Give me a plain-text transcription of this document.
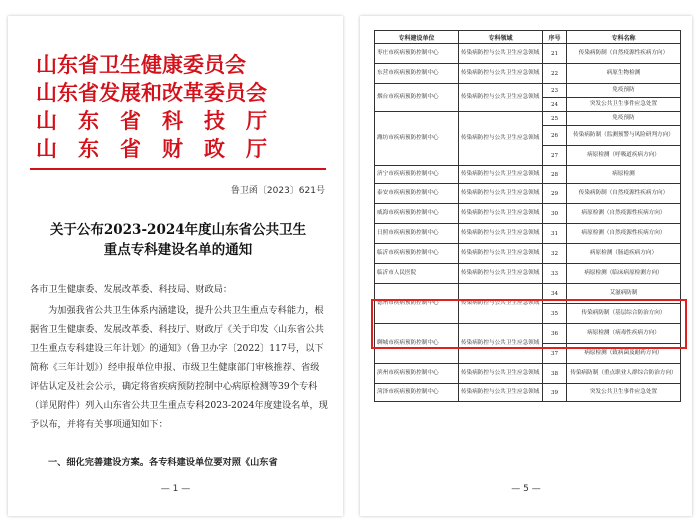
山东省卫生健康委员会
山东省发展和改革委员会
山　东　省　科　技　厅
山　东　省　财　政　厅
鲁卫函〔2023〕621号
关于公布2023-2024年度山东省公共卫生
重点专科建设名单的通知
各市卫生健康委、发展改革委、科技局、财政局：
为加强我省公共卫生体系内涵建设，提升公共卫生重点专科能力，根据省卫生健康委、发展改革委、科技厅、财政厅《关于印发〈山东省公共卫生重点专科建设三年计划〉的通知》（鲁卫办字〔2022〕117号，以下简称《三年计划》）经申报单位申报、市级卫生健康部门审核推荐、省级评估认定及社会公示，确定将省疾病预防控制中心病原检测等39个专科（详见附件）列入山东省公共卫生重点专科2023-2024年度建设名单，现予以布，并将有关事项通知如下：
一、细化完善建设方案。各专科建设单位要对照《山东省
— 1 —
专科建设单位	专科领域	序号	专科名称
枣庄市疾病预防控制中心	传染病防控与公共卫生应急领域	21	传染病防制（自然疫源性疾病方向）
东营市疾病预防控制中心	传染病防控与公共卫生应急领域	22	病原生物检测
烟台市疾病预防控制中心	传染病防控与公共卫生应急领域	23	免疫预防
		24	突发公共卫生事件应急处置
潍坊市疾病预防控制中心	传染病防控与公共卫生应急领域	25	免疫预防
		26	传染病防制（监测预警与风险研判方向）
		27	病原检测（呼吸道疾病方向）
济宁市疾病预防控制中心	传染病防控与公共卫生应急领域	28	病原检测
泰安市疾病预防控制中心	传染病防控与公共卫生应急领域	29	传染病防制（自然疫源性疾病方向）
威海市疾病预防控制中心	传染病防控与公共卫生应急领域	30	病原检测（自然疫源性疾病方向）
日照市疾病预防控制中心	传染病防控与公共卫生应急领域	31	病原检测（自然疫源性疾病方向）
临沂市疾病预防控制中心	传染病防控与公共卫生应急领域	32	病原检测（肠道疾病方向）
临沂市人民医院	传染病防控与公共卫生应急领域	33	病原检测（临床病原检测方向）
德州市疾病预防控制中心	传染病防控与公共卫生应急领域	34	艾滋病防制
		35	传染病防制（基层综合防治方向）
聊城市疾病预防控制中心	传染病防控与公共卫生应急领域	36	病原检测（病毒性疾病方向）
		37	病原检测（致病菌及耐药方向）
滨州市疾病预防控制中心	传染病防控与公共卫生应急领域	38	传染病防制（重点职业人群综合防治方向）
菏泽市疾病预防控制中心	传染病防控与公共卫生应急领域	39	突发公共卫生事件应急处置
— 5 —
